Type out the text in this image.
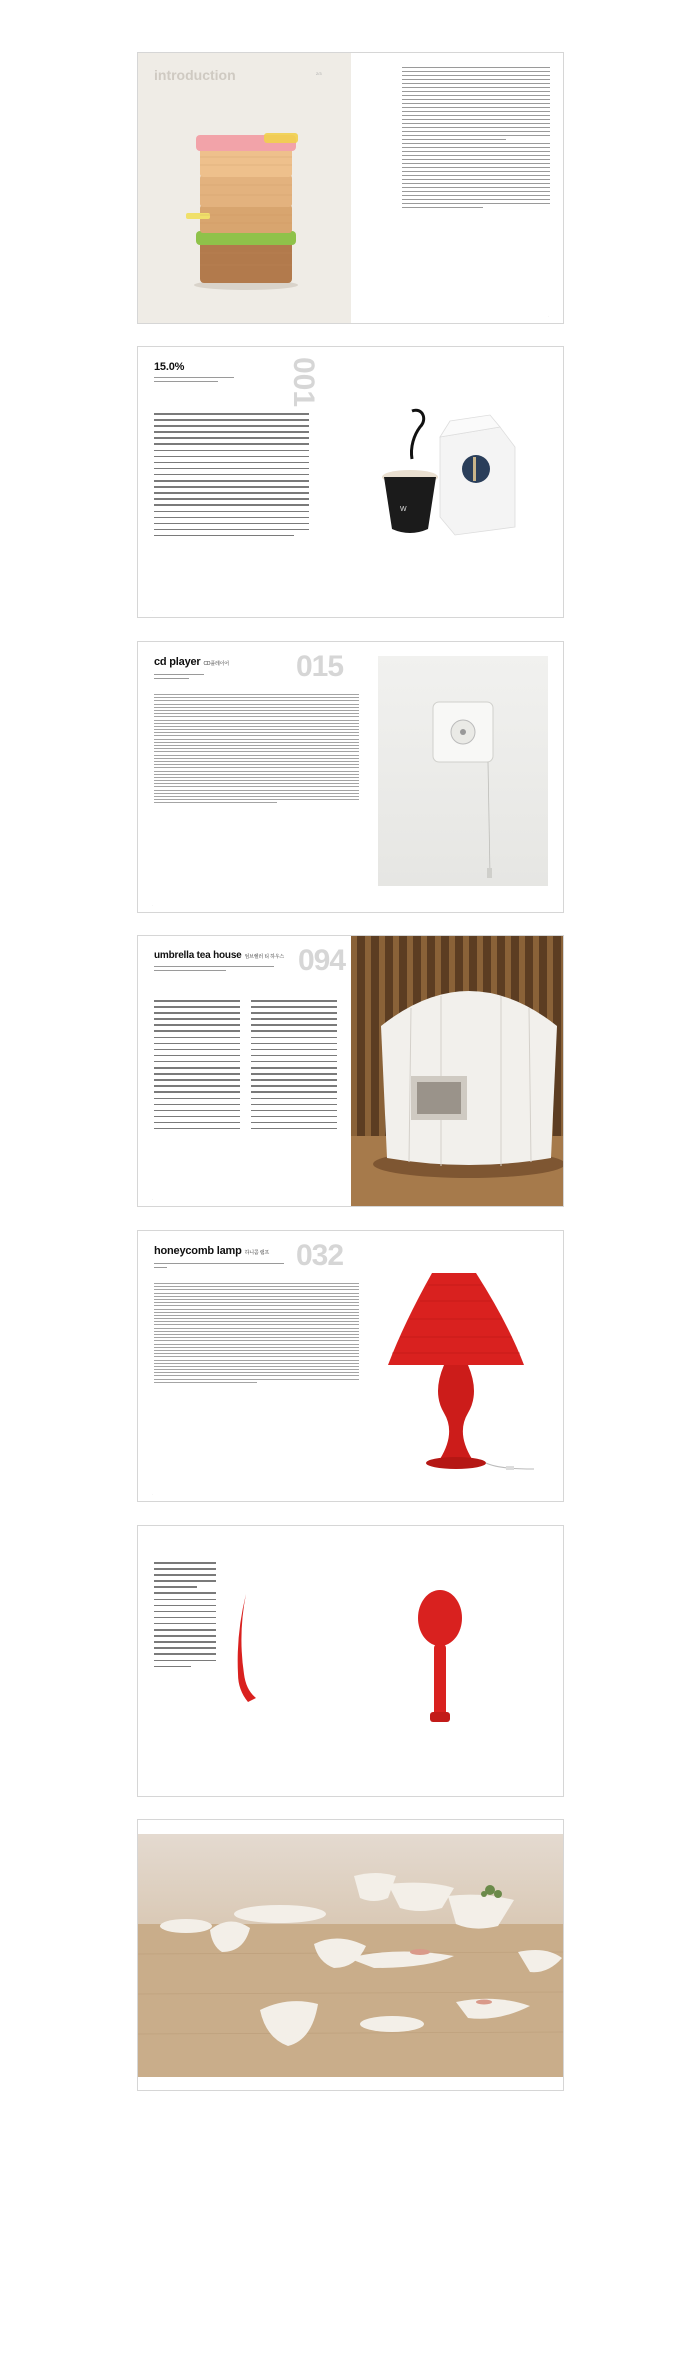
introduction	2/3
·
15.0%	001
W
·
cd player CD플레이어 015
·
umbrella tea house 엄브렐러 티 하우스 094
·
honeycomb lamp 하니콤 램프 032
·
